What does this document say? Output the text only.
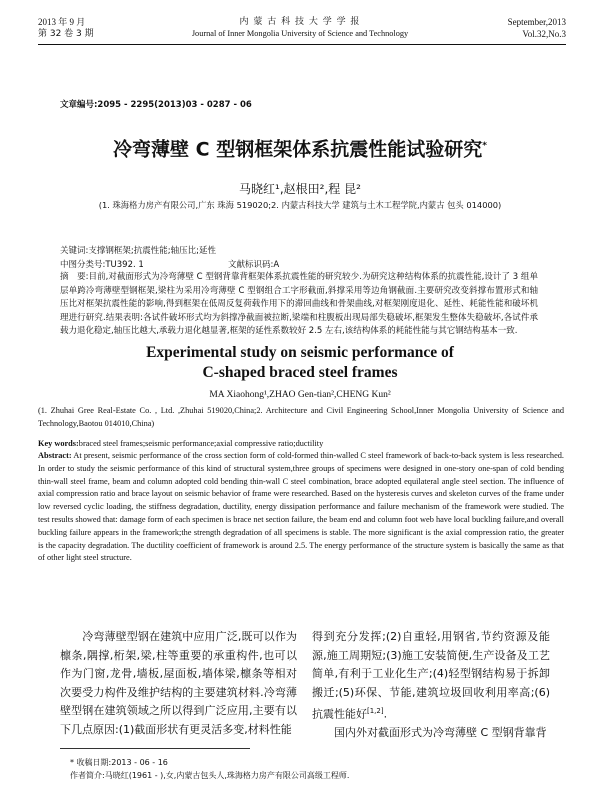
2013 年 9 月
第 32 卷 3 期
内 蒙 古 科 技 大 学 学 报
Journal of Inner Mongolia University of Science and Technology
September,2013
Vol.32,No.3
文章编号:2095 - 2295(2013)03 - 0287 - 06
冷弯薄壁 C 型钢框架体系抗震性能试验研究*
马晓红¹,赵根田²,程 昆²
(1. 珠海格力房产有限公司,广东 珠海 519020;2. 内蒙古科技大学 建筑与土木工程学院,内蒙古 包头 014000)
关键词:支撑钢框架;抗震性能;轴压比;延性
中图分类号:TU392. 1	文献标识码:A
摘　要:目前,对截面形式为冷弯薄壁 C 型钢背靠背框架体系抗震性能的研究较少.为研究这种结构体系的抗震性能,设计了 3 组单层单跨冷弯薄壁型钢框架,梁柱为采用冷弯薄壁 C 型钢组合工字形截面,斜撑采用等边角钢截面.主要研究改变斜撑布置形式和轴压比对框架抗震性能的影响,得到框架在低周反复荷载作用下的滞回曲线和骨架曲线,对框架刚度退化、延性、耗能性能和破坏机理进行研究.结果表明:各试件破坏形式均为斜撑净截面被拉断,梁端和柱腹板出现局部失稳破坏,框架发生整体失稳破坏,各试件承载力退化稳定,轴压比越大,承载力退化越显著,框架的延性系数较好 2.5 左右,该结构体系的耗能性能与其它钢结构基本一致.
Experimental study on seismic performance of
C-shaped braced steel frames
MA Xiaohong¹,ZHAO Gen-tian²,CHENG Kun²
(1. Zhuhai Gree Real-Estate Co. , Ltd. ,Zhuhai 519020,China;2. Architecture and Civil Engineering School,Inner Mongolia University of Science and Technology,Baotou 014010,China)
Key words:braced steel frames;seismic performance;axial compressive ratio;ductility
Abstract: At present, seismic performance of the cross section form of cold-formed thin-walled C steel framework of back-to-back system is less researched. In order to study the seismic performance of this kind of structural system,three groups of specimens were designed in one-story one-span of cold bending thin-wall steel frame, beam and column adopted cold bending thin-wall C steel combination, brace adopted equilateral angle steel section. The influence of axial compression ratio and brace layout on seismic behavior of frame were researched. Based on the hysteresis curves and skeleton curves of the frame under low reversed cyclic loading, the stiffness degradation, ductility, energy dissipation performance and failure mechanism of the framework were studied. The test results showed that: damage form of each specimen is brace net section failure, the beam end and column foot web have local buckling failure,and overall buckling failure appears in the framework;the strength degradation of all specimens is stable. The more significant is the axial compression ratio, the greater is the capacity degradation. The ductility coefficient of framework is around 2.5. The energy performance of the structure system is basically the same as that of other light steel structure.
　　冷弯薄壁型钢在建筑中应用广泛,既可以作为檩条,隅撑,桁架,梁,柱等重要的承重构件,也可以作为门窗,龙骨,墙板,屋面板,墙体梁,檩条等相对次要受力构件及维护结构的主要建筑材料.冷弯薄壁型钢在建筑领域之所以得到广泛应用,主要有以下几点原因:(1)截面形状有更灵活多变,材料性能
得到充分发挥;(2)自重轻,用钢省,节约资源及能源,施工周期短;(3)施工安装简便,生产设备及工艺简单,有利于工业化生产;(4)轻型钢结构易于拆卸搬迁;(5)环保、节能,建筑垃圾回收利用率高;(6)抗震性能好[1,2].
　　国内外对截面形式为冷弯薄壁 C 型钢背靠背
* 收稿日期:2013 - 06 - 16
作者简介:马晓红(1961 - ),女,内蒙古包头人,珠海格力房产有限公司高级工程师.
